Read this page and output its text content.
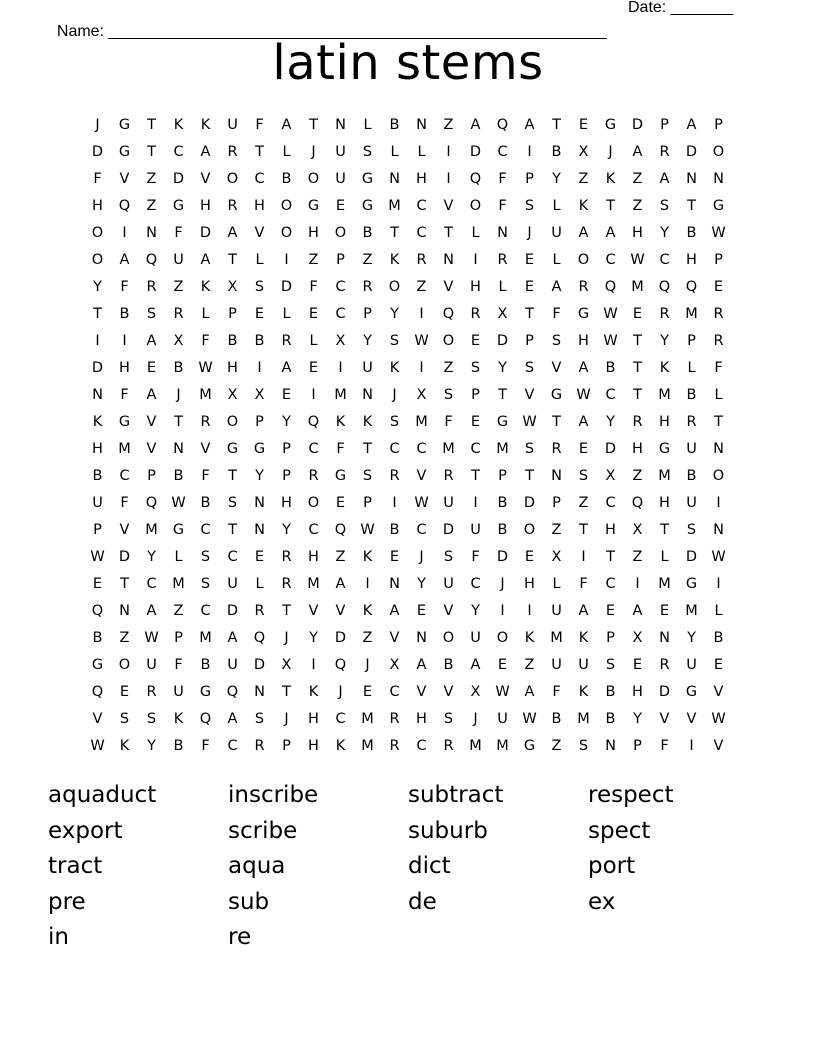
Name: ________________________________________________________

Date: _______

latin stems
J	G	T	K	K	U	F	A	T	N	L	B	N	Z	A	Q	A	T	E	G	D	P	A	P
D	G	T	C	A	R	T	L	J	U	S	L	L	I	D	C	I	B	X	J	A	R	D	O
F	V	Z	D	V	O	C	B	O	U	G	N	H	I	Q	F	P	Y	Z	K	Z	A	N	N
H	Q	Z	G	H	R	H	O	G	E	G	M	C	V	O	F	S	L	K	T	Z	S	T	G
O	I	N	F	D	A	V	O	H	O	B	T	C	T	L	N	J	U	A	A	H	Y	B	W
O	A	Q	U	A	T	L	I	Z	P	Z	K	R	N	I	R	E	L	O	C	W	C	H	P
Y	F	R	Z	K	X	S	D	F	C	R	O	Z	V	H	L	E	A	R	Q	M	Q	Q	E
T	B	S	R	L	P	E	L	E	C	P	Y	I	Q	R	X	T	F	G W	E	R	M	R
I	I	A	X	F	B	B	R	L	X	Y	S	W O	E	D	P	S	H W	T	Y	P	R
D	H	E	B	W H	I	A	E	I	U	K	I	Z	S	Y	S	V	A	B	T	K	L	F
N	F	A	J	M	X	X	E	I	M	N	J	X	S	P	T	V	G W	C	T	M	B	L
K	G	V	T	R	O	P	Y	Q	K	K	S	M	F	E	G W	T	A	Y	R	H	R	T
H	M	V	N	V	G	G	P	C	F	T	C	C	M	C	M	S	R	E	D	H	G	U	N
B	C	P	B	F	T	Y	P	R	G	S	R	V	R	T	P	T	N	S	X	Z	M	B	O
U	F	Q W	B	S	N	H	O	E	P	I	W	U	I	B	D	P	Z	C	Q	H	U	I
P	V	M	G	C	T	N	Y	C	Q W	B	C	D	U	B	O	Z	T	H	X	T	S	N
W D	Y	L	S	C	E	R	H	Z	K	E	J	S	F	D	E	X	I	T	Z	L	D W
E	T	C	M	S	U	L	R	M	A	I	N	Y	U	C	J	H	L	F	C	I	M	G	I
Q	N	A	Z	C	D	R	T	V	V	K	A	E	V	Y	I	I	U	A	E	A	E	M	L
B	Z	W	P	M	A	Q	J	Y	D	Z	V	N	O	U	O	K	M	K	P	X	N	Y	B
G	O	U	F	B	U	D	X	I	Q	J	X	A	B	A	E	Z	U	U	S	E	R	U	E
Q	E	R	U	G	Q	N	T	K	J	E	C	V	V	X	W	A	F	K	B	H	D	G	V
V	S	S	K	Q	A	S	J	H	C	M	R	H	S	J	U	W	B	M	B	Y	V	V	W
W	K	Y	B	F	C	R	P	H	K	M	R	C	R	M M	G	Z	S	N	P	F	I	V
aquaduct	inscribe	subtract	respect
export	scribe	suburb	spect
tract	aqua	dict	port
pre	sub	de	ex
in	re
